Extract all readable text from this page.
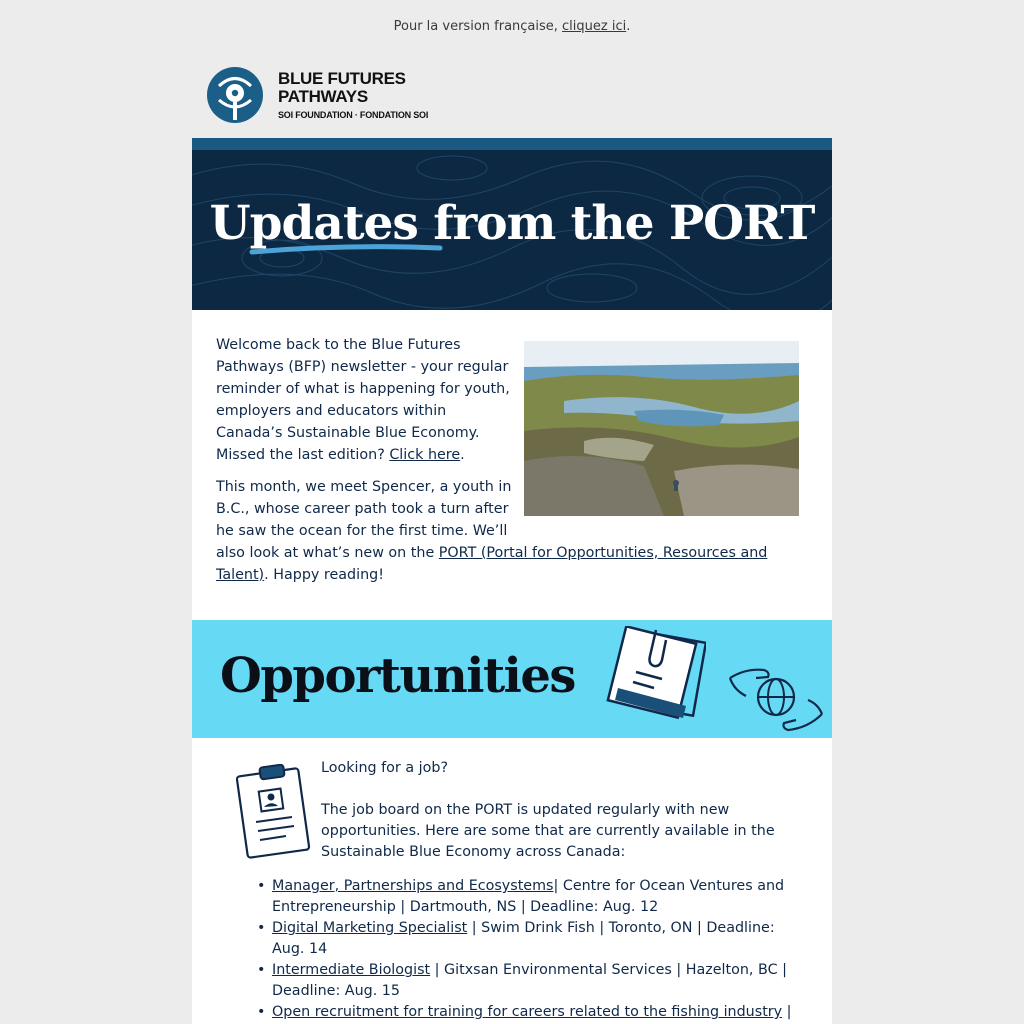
Pour la version française, cliquez ici.
BLUE FUTURES
PATHWAYS
SOI FOUNDATION · FONDATION SOI
Updates from the PORT

Welcome back to the Blue Futures Pathways (BFP) newsletter - your regular reminder of what is happening for youth, employers and educators within Canada’s Sustainable Blue Economy. Missed the last edition? Click here.

This month, we meet Spencer, a youth in B.C., whose career path took a turn after he saw the ocean for the first time. We’ll also look at what’s new on the PORT (Portal for Opportunities, Resources and Talent). Happy reading!

Opportunities

Looking for a job?

The job board on the PORT is updated regularly with new opportunities. Here are some that are currently available in the Sustainable Blue Economy across Canada:

• Manager, Partnerships and Ecosystems| Centre for Ocean Ventures and Entrepreneurship | Dartmouth, NS | Deadline: Aug. 12
• Digital Marketing Specialist | Swim Drink Fish | Toronto, ON | Deadline: Aug. 14
• Intermediate Biologist | Gitxsan Environmental Services | Hazelton, BC | Deadline: Aug. 15
• Open recruitment for training for careers related to the fishing industry |
